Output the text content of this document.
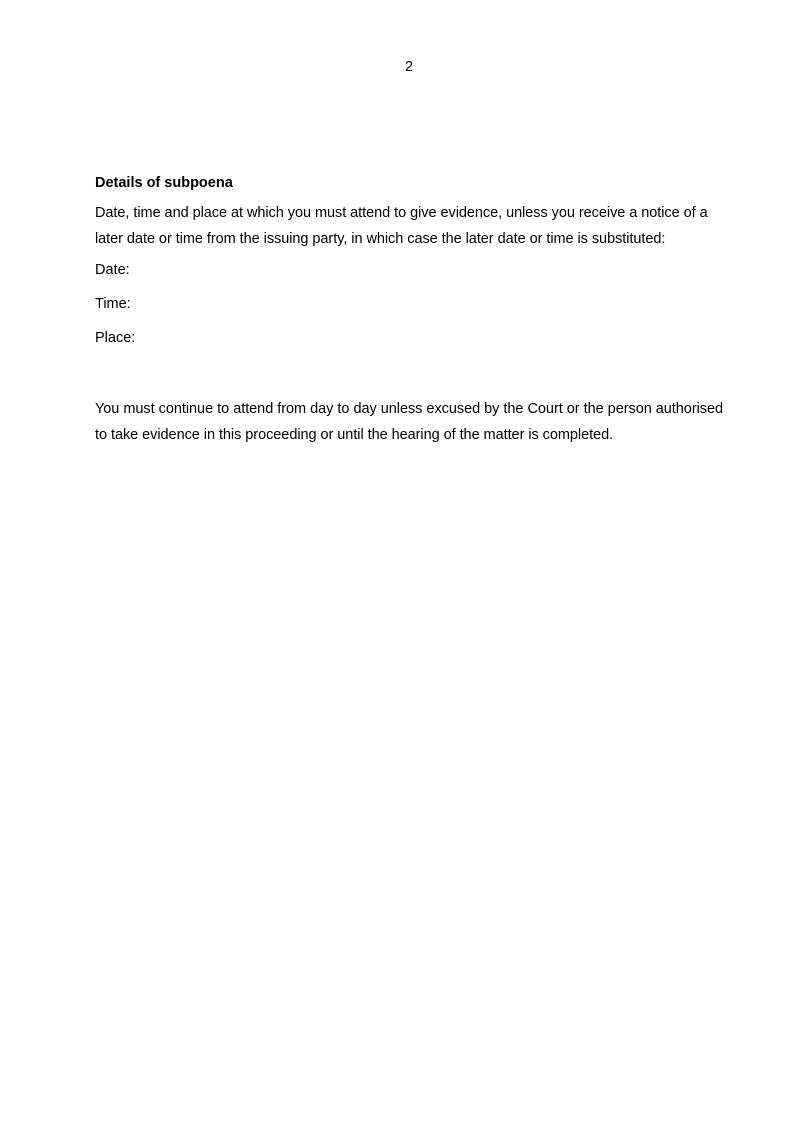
2

Details of subpoena

Date, time and place at which you must attend to give evidence, unless you receive a notice of a later date or time from the issuing party, in which case the later date or time is substituted:

Date:

Time:

Place:

You must continue to attend from day to day unless excused by the Court or the person authorised to take evidence in this proceeding or until the hearing of the matter is completed.
